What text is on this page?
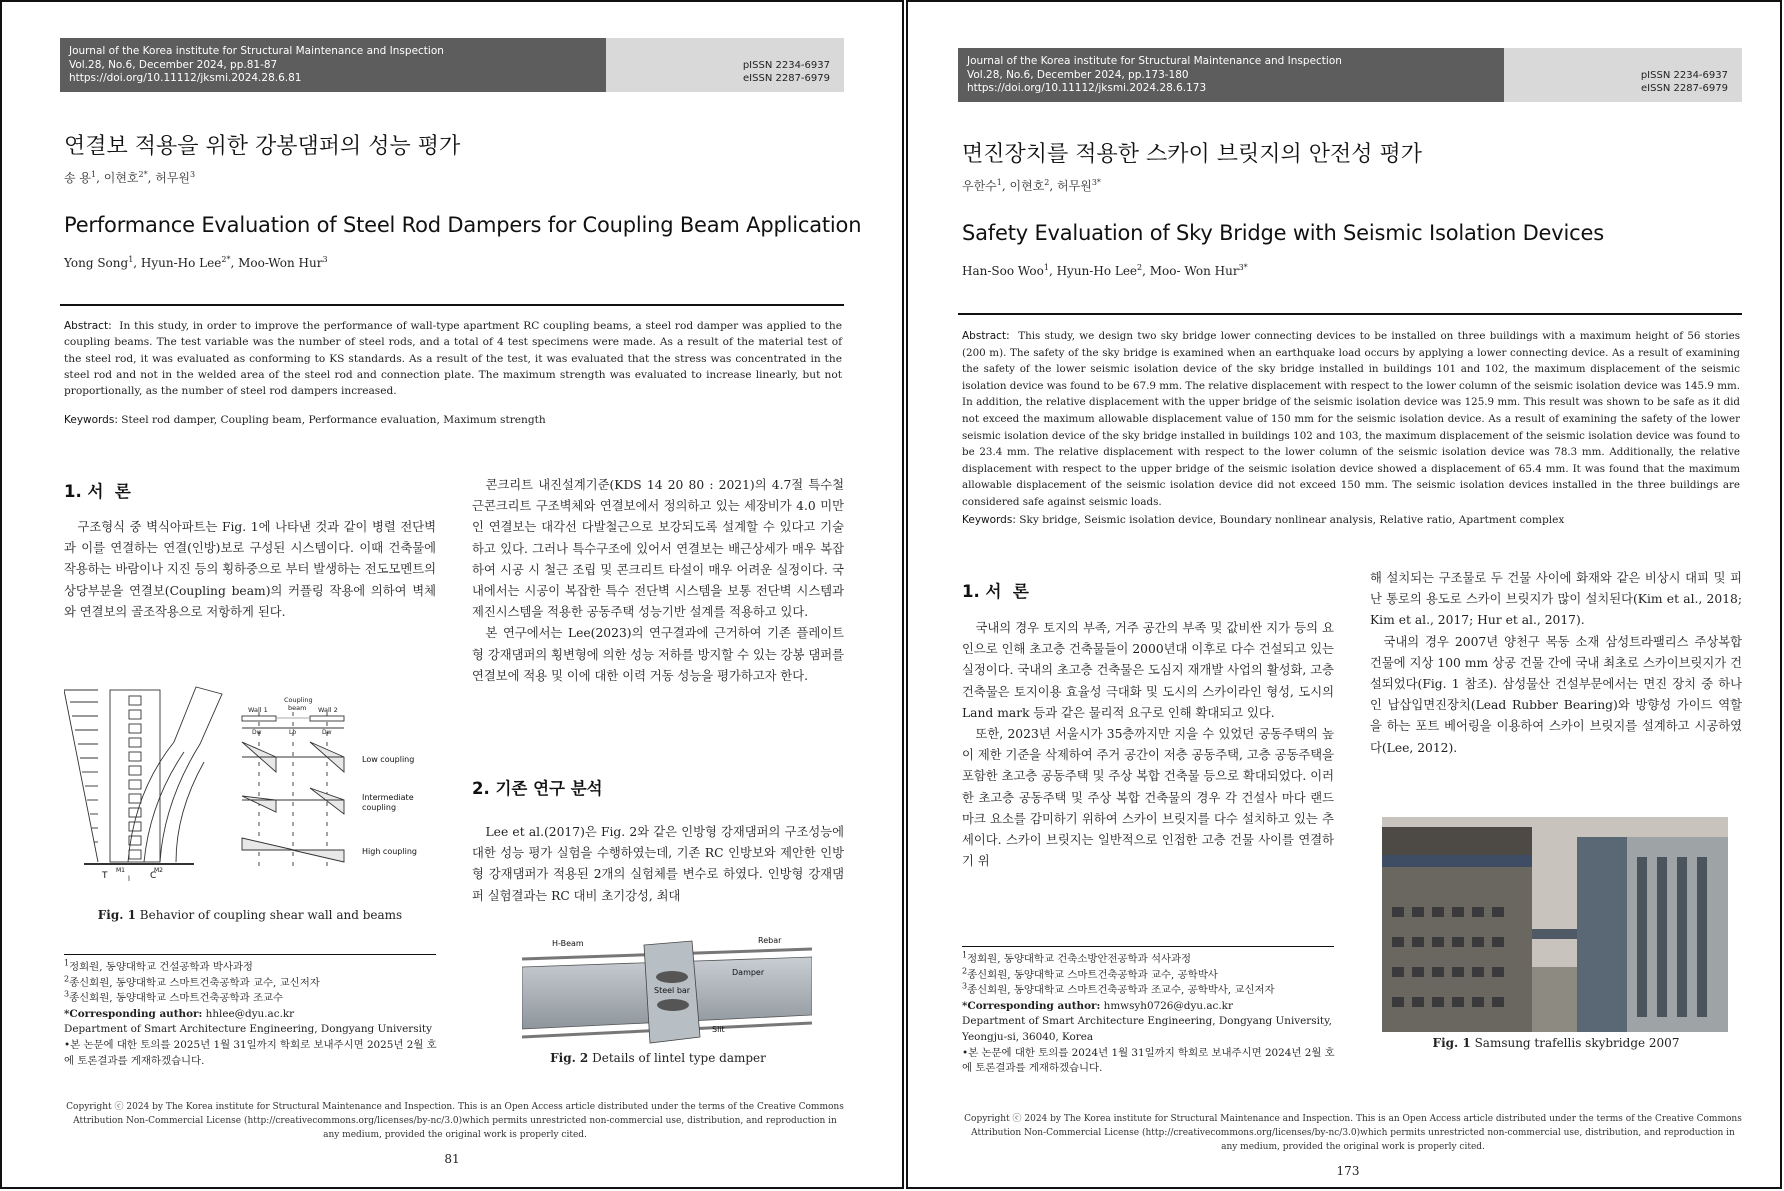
Journal of the Korea institute for Structural Maintenance and Inspection
Vol.28, No.6, December 2024, pp.81-87
https://doi.org/10.11112/jksmi.2024.28.6.81
pISSN 2234-6937
eISSN 2287-6979
연결보 적용을 위한 강봉댐퍼의 성능 평가
송 용$^1$, 이현호$^{2*}$, 허무원$^3$
Performance Evaluation of Steel Rod Dampers for Coupling Beam Application
Yong Song$^1$, Hyun-Ho Lee$^{2*}$, Moo-Won Hur$^3$
Abstract: In this study, in order to improve the performance of wall-type apartment RC coupling beams, a steel rod damper was applied to the coupling beams. The test variable was the number of steel rods, and a total of 4 test specimens were made. As a result of the material test of the steel rod, it was evaluated as conforming to KS standards. As a result of the test, it was evaluated that the stress was concentrated in the steel rod and not in the welded area of the steel rod and connection plate. The maximum strength was evaluated to increase linearly, but not proportionally, as the number of steel rod dampers increased.
Keywords: Steel rod damper, Coupling beam, Performance evaluation, Maximum strength
1. 서  론

구조형식 중 벽식아파트는 Fig. 1에 나타낸 것과 같이 병렬 전단벽과 이를 연결하는 연결(인방)보로 구성된 시스템이다. 이때 건축물에 작용하는 바람이나 지진 등의 횡하중으로 부터 발생하는 전도모멘트의 상당부분을 연결보(Coupling beam)의 커플링 작용에 의하여 벽체와 연결보의 골조작용으로 저항하게 된다.

콘크리트 내진설계기준(KDS 14 20 80 : 2021)의 4.7절 특수철근콘크리트 구조벽체와 연결보에서 정의하고 있는 세장비가 4.0 미만인 연결보는 대각선 다발철근으로 보강되도록 설계할 수 있다고 기술하고 있다. 그러나 특수구조에 있어서 연결보는 배근상세가 매우 복잡하여 시공 시 철근 조립 및 콘크리트 타설이 매우 어려운 실정이다. 국내에서는 시공이 복잡한 특수 전단벽 시스템을 보통 전단벽 시스템과 제진시스템을 적용한 공동주택 성능기반 설계를 적용하고 있다.

본 연구에서는 Lee(2023)의 연구결과에 근거하여 기존 플레이트형 강재댐퍼의 횡변형에 의한 성능 저하를 방지할 수 있는 강봉 댐퍼를 연결보에 적용 및 이에 대한 이력 거동 성능을 평가하고자 한다.

2. 기존 연구 분석

Lee et al.(2017)은 Fig. 2와 같은 인방형 강재댐퍼의 구조성능에 대한 성능 평가 실험을 수행하였는데, 기존 RC 인방보와 제안한 인방형 강재댐퍼가 적용된 2개의 실험체를 변수로 하였다. 인방형 강재댐퍼 실험결과는 RC 대비 초기강성, 최대

Wall 1
Coupling
beam Wall 2
Dw	Lb	Dw
Low coupling
Intermediate
coupling
High coupling
T	C
M1	M2
l
Fig. 1 Behavior of coupling shear wall and beams
H-Beam	Rebar
Damper
Steel bar
Slit
Fig. 2 Details of lintel type damper
$^1$정회원, 동양대학교 건설공학과 박사과정
$^2$종신회원, 동양대학교 스마트건축공학과 교수, 교신저자
$^3$종신회원, 동양대학교 스마트건축공학과 조교수
*Corresponding author: hhlee@dyu.ac.kr
Department of Smart Architecture Engineering, Dongyang University
•본 논문에 대한 토의를 2025년 1월 31일까지 학회로 보내주시면 2025년 2월 호에 토론결과를 게재하겠습니다.
Copyright ⓒ 2024 by The Korea institute for Structural Maintenance and Inspection. This is an Open Access article distributed under the terms of the Creative Commons Attribution Non-Commercial License (http://creativecommons.org/licenses/by-nc/3.0)which permits unrestricted non-commercial use, distribution, and reproduction in any medium, provided the original work is properly cited.
81
Journal of the Korea institute for Structural Maintenance and Inspection
Vol.28, No.6, December 2024, pp.173-180
https://doi.org/10.11112/jksmi.2024.28.6.173
pISSN 2234-6937
eISSN 2287-6979
면진장치를 적용한 스카이 브릿지의 안전성 평가
우한수$^1$, 이현호$^2$, 허무원$^{3*}$
Safety Evaluation of Sky Bridge with Seismic Isolation Devices
Han-Soo Woo$^1$, Hyun-Ho Lee$^2$, Moo- Won Hur$^{3*}$
Abstract: This study, we design two sky bridge lower connecting devices to be installed on three buildings with a maximum height of 56 stories (200 m). The safety of the sky bridge is examined when an earthquake load occurs by applying a lower connecting device. As a result of examining the safety of the lower seismic isolation device of the sky bridge installed in buildings 101 and 102, the maximum displacement of the seismic isolation device was found to be 67.9 mm. The relative displacement with respect to the lower column of the seismic isolation device was 145.9 mm. In addition, the relative displacement with the upper bridge of the seismic isolation device was 125.9 mm. This result was shown to be safe as it did not exceed the maximum allowable displacement value of 150 mm for the seismic isolation device. As a result of examining the safety of the lower seismic isolation device of the sky bridge installed in buildings 102 and 103, the maximum displacement of the seismic isolation device was found to be 23.4 mm. The relative displacement with respect to the lower column of the seismic isolation device was 78.3 mm. Additionally, the relative displacement with respect to the upper bridge of the seismic isolation device showed a displacement of 65.4 mm. It was found that the maximum allowable displacement of the seismic isolation device did not exceed 150 mm. The seismic isolation devices installed in the three buildings are considered safe against seismic loads.
Keywords: Sky bridge, Seismic isolation device, Boundary nonlinear analysis, Relative ratio, Apartment complex
1. 서  론

국내의 경우 토지의 부족, 거주 공간의 부족 및 값비싼 지가 등의 요인으로 인해 초고층 건축물들이 2000년대 이후로 다수 건설되고 있는 실정이다. 국내의 초고층 건축물은 도심지 재개발 사업의 활성화, 고층건축물은 토지이용 효율성 극대화 및 도시의 스카이라인 형성, 도시의 Land mark 등과 같은 물리적 요구로 인해 확대되고 있다.

또한, 2023년 서울시가 35층까지만 지을 수 있었던 공동주택의 높이 제한 기준을 삭제하여 주거 공간이 저층 공동주택, 고층 공동주택을 포함한 초고층 공동주택 및 주상 복합 건축물 등으로 확대되었다. 이러한 초고층 공동주택 및 주상 복합 건축물의 경우 각 건설사 마다 랜드마크 요소를 감미하기 위하여 스카이 브릿지를 다수 설치하고 있는 추세이다. 스카이 브릿지는 일반적으로 인접한 고층 건물 사이를 연결하기 위

해 설치되는 구조물로 두 건물 사이에 화재와 같은 비상시 대피 및 피난 통로의 용도로 스카이 브릿지가 많이 설치된다(Kim et al., 2018; Kim et al., 2017; Hur et al., 2017).

국내의 경우 2007년 양천구 목동 소재 삼성트라팰리스 주상복합 건물에 지상 100 mm 상공 건물 간에 국내 최초로 스카이브릿지가 건설되었다(Fig. 1 참조). 삼성물산 건설부문에서는 면진 장치 중 하나인 납삽입면진장치(Lead Rubber Bearing)와 방향성 가이드 역할을 하는 포트 베어링을 이용하여 스카이 브릿지를 설계하고 시공하였다(Lee, 2012).

Fig. 1 Samsung trafellis skybridge 2007
$^1$정회원, 동양대학교 건축소방안전공학과 석사과정
$^2$종신회원, 동양대학교 스마트건축공학과 교수, 공학박사
$^3$종신회원, 동양대학교 스마트건축공학과 조교수, 공학박사, 교신저자
*Corresponding author: hmwsyh0726@dyu.ac.kr
Department of Smart Architecture Engineering, Dongyang University, Yeongju-si, 36040, Korea
•본 논문에 대한 토의를 2024년 1월 31일까지 학회로 보내주시면 2024년 2월 호에 토론결과를 게재하겠습니다.
Copyright ⓒ 2024 by The Korea institute for Structural Maintenance and Inspection. This is an Open Access article distributed under the terms of the Creative Commons Attribution Non-Commercial License (http://creativecommons.org/licenses/by-nc/3.0)which permits unrestricted non-commercial use, distribution, and reproduction in any medium, provided the original work is properly cited.
173
